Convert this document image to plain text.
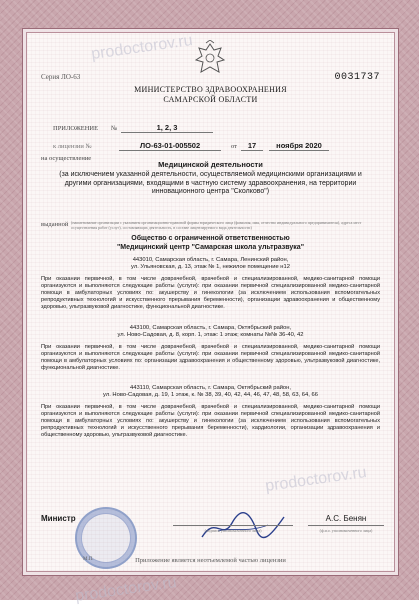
Серия ЛО-63	0031737
МИНИСТЕРСТВО ЗДРАВООХРАНЕНИЯ
САМАРСКОЙ ОБЛАСТИ
ПРИЛОЖЕНИЕ №	1, 2, 3
к лицензии №	ЛО-63-01-005502	от	17	ноября 2020
на осуществление
Медицинской деятельности
(за исключением указанной деятельности, осуществляемой медицинскими организациями и другими организациями, входящими в частную систему здравоохранения, на территории инновационного центра "Сколково")
выданной (наименование организации с указанием организационно-правовой формы юридического лица (фамилия, имя, отчество индивидуального предпринимателя), адреса мест осуществления работ (услуг), составляющих деятельность, в составе лицензируемого вида деятельности)
Общество с ограниченной ответственностью
"Медицинский центр "Самарская школа ультразвука"
443010, Самарская область, г. Самара, Ленинский район,
ул. Ульяновская, д. 13, этаж № 1, нежилое помещение н12
При оказании первичной, в том числе доврачебной, врачебной и специализированной, медико-санитарной помощи организуются и выполняются следующие работы (услуги): при оказании первичной специализированной медико-санитарной помощи в амбулаторных условиях по: акушерству и гинекологии (за исключением использования вспомогательных репродуктивных технологий и искусственного прерывания беременности), организации здравоохранения и общественному здоровью, ультразвуковой диагностике, функциональной диагностике.
443100, Самарская область, г. Самара, Октябрьский район,
ул. Ново-Садовая, д. 8, корп. 1, этаж: 1 этаж; комнаты №№ 36-40, 42
При оказании первичной, в том числе доврачебной, врачебной и специализированной, медико-санитарной помощи организуются и выполняются следующие работы (услуги): при оказании первичной специализированной медико-санитарной помощи в амбулаторных условиях по: организации здравоохранения и общественному здоровью, ультразвуковой диагностике, функциональной диагностике.
443110, Самарская область, г. Самара, Октябрьский район,
ул. Ново-Садовая, д. 19, 1 этаж, к. № 38, 39, 40, 42, 44, 46, 47, 48, 58, 63, 64, 66
При оказании первичной, в том числе доврачебной, врачебной и специализированной, медико-санитарной помощи организуются и выполняются следующие работы (услуги): при оказании первичной специализированной медико-санитарной помощи в амбулаторных условиях по: акушерству и гинекологии (за исключением использования вспомогательных репродуктивных технологий и искусственного прерывания беременности), кардиологии, организации здравоохранения и общественному здоровью, ультразвуковой диагностике.
М.П.
Министр
(подпись уполномоченного лица)
А.С. Бенян
(ф.и.о. уполномоченного лица)
Приложение является неотъемлемой частью лицензии
prodoctorov.ru
prodoctorov.ru
prodoctorov.ru
